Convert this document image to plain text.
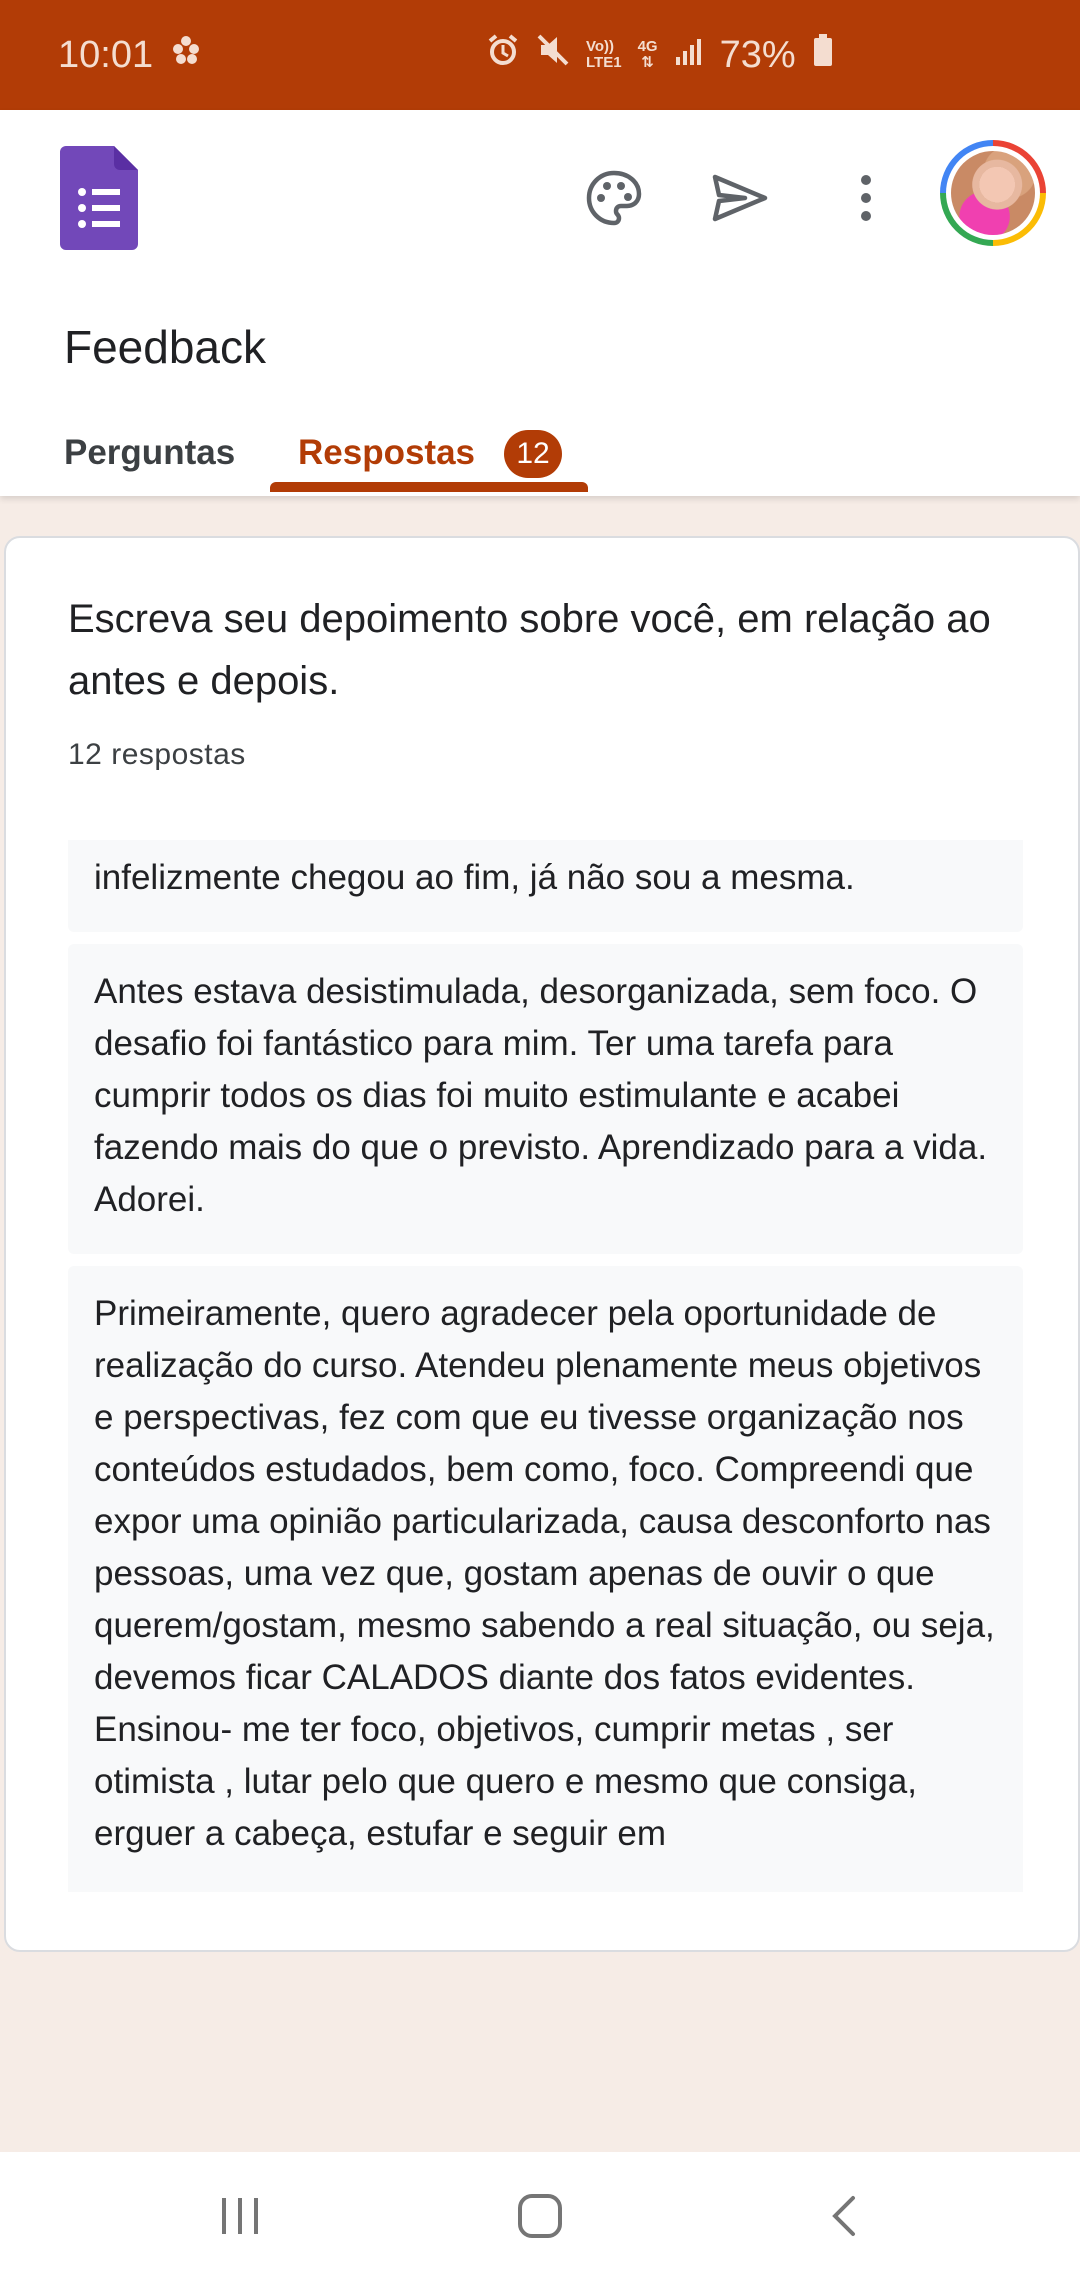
10:01	Vo))
LTE1
4G
⇅ 73%
Feedback
Perguntas Respostas	12
Escreva seu depoimento sobre você, em relação ao antes e depois.
12 respostas
infelizmente chegou ao fim, já não sou a mesma.
Antes estava desistimulada, desorganizada, sem foco. O desafio foi fantástico para mim. Ter uma tarefa para cumprir todos os dias foi muito estimulante e acabei fazendo mais do que o previsto. Aprendizado para a vida. Adorei.
Primeiramente, quero agradecer pela oportunidade de realização do curso. Atendeu plenamente meus objetivos e perspectivas, fez com que eu tivesse organização nos conteúdos estudados, bem como, foco. Compreendi que expor uma opinião particularizada, causa desconforto nas pessoas, uma vez que, gostam apenas de ouvir o que querem/gostam, mesmo sabendo a real situação, ou seja, devemos ficar CALADOS diante dos fatos evidentes. Ensinou- me ter foco, objetivos, cumprir metas , ser otimista , lutar pelo que quero e mesmo que consiga, erguer a cabeça, estufar e seguir em
